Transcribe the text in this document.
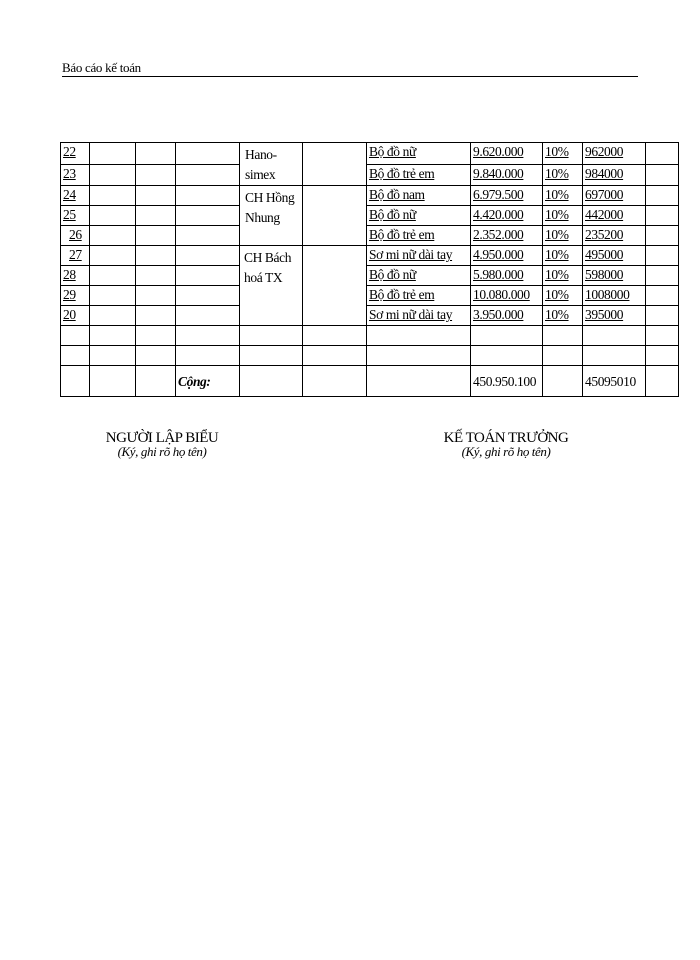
Báo cáo kế toán
22				Hano-simex		Bộ đồ nữ	9.620.000	10%	962000	
23						Bộ đồ trẻ em	9.840.000	10%	984000	
24				CH Hồng Nhung		Bộ đồ nam	6.979.500	10%	697000	
25						Bộ đồ nữ	4.420.000	10%	442000	
26						Bộ đồ trẻ em	2.352.000	10%	235200	
27				CH Bách hoá TX		Sơ mi nữ dài tay	4.950.000	10%	495000	
28						Bộ đồ nữ	5.980.000	10%	598000	
29						Bộ đồ trẻ em	10.080.000	10%	1008000	
20						Sơ mi nữ dài tay	3.950.000	10%	395000	

			Cộng:				450.950.100		45095010	
NGƯỜI LẬP BIỂU
(Ký, ghi rõ họ tên)
KẾ TOÁN TRƯỞNG
(Ký, ghi rõ họ tên)
